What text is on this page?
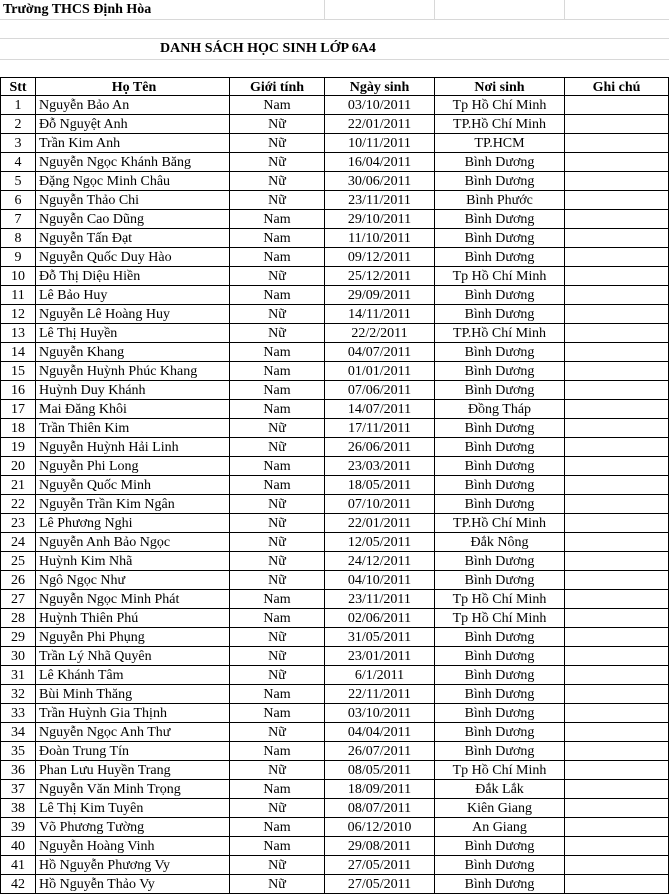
Trường THCS Định Hòa
DANH SÁCH HỌC SINH LỚP 6A4
Stt	Họ Tên	Giới tính	Ngày sinh	Nơi sinh	Ghi chú
1	Nguyễn Bảo An	Nam	03/10/2011	Tp Hồ Chí Minh
2	Đỗ Nguyệt Anh	Nữ	22/01/2011	TP.Hồ Chí Minh
3	Trần Kim Anh	Nữ	10/11/2011	TP.HCM
4	Nguyễn Ngọc Khánh Băng	Nữ	16/04/2011	Bình Dương
5	Đặng Ngọc Minh Châu	Nữ	30/06/2011	Bình Dương
6	Nguyễn Thảo Chi	Nữ	23/11/2011	Bình Phước
7	Nguyễn Cao Dũng	Nam	29/10/2011	Bình Dương
8	Nguyễn Tấn Đạt	Nam	11/10/2011	Bình Dương
9	Nguyễn Quốc Duy Hào	Nam	09/12/2011	Bình Dương
10	Đỗ Thị Diệu Hiền	Nữ	25/12/2011	Tp Hồ Chí Minh
11	Lê Bảo Huy	Nam	29/09/2011	Bình Dương
12	Nguyễn Lê Hoàng Huy	Nữ	14/11/2011	Bình Dương
13	Lê Thị Huyền	Nữ	22/2/2011	TP.Hồ Chí Minh
14	Nguyễn Khang	Nam	04/07/2011	Bình Dương
15	Nguyễn Huỳnh Phúc Khang	Nam	01/01/2011	Bình Dương
16	Huỳnh Duy Khánh	Nam	07/06/2011	Bình Dương
17	Mai Đăng Khôi	Nam	14/07/2011	Đồng Tháp
18	Trần Thiên Kim	Nữ	17/11/2011	Bình Dương
19	Nguyễn Huỳnh Hải Linh	Nữ	26/06/2011	Bình Dương
20	Nguyễn Phi Long	Nam	23/03/2011	Bình Dương
21	Nguyễn Quốc Minh	Nam	18/05/2011	Bình Dương
22	Nguyễn Trần Kim Ngân	Nữ	07/10/2011	Bình Dương
23	Lê Phương Nghi	Nữ	22/01/2011	TP.Hồ Chí Minh
24	Nguyễn Anh Bảo Ngọc	Nữ	12/05/2011	Đắk Nông
25	Huỳnh Kim Nhã	Nữ	24/12/2011	Bình Dương
26	Ngô Ngọc Như	Nữ	04/10/2011	Bình Dương
27	Nguyễn Ngọc Minh Phát	Nam	23/11/2011	Tp Hồ Chí Minh
28	Huỳnh Thiên Phú	Nam	02/06/2011	Tp Hồ Chí Minh
29	Nguyễn Phi Phụng	Nữ	31/05/2011	Bình Dương
30	Trần Lý Nhã Quyên	Nữ	23/01/2011	Bình Dương
31	Lê Khánh Tâm	Nữ	6/1/2011	Bình Dương
32	Bùi Minh Thăng	Nam	22/11/2011	Bình Dương
33	Trần Huỳnh Gia Thịnh	Nam	03/10/2011	Bình Dương
34	Nguyễn Ngọc Anh Thư	Nữ	04/04/2011	Bình Dương
35	Đoàn Trung Tín	Nam	26/07/2011	Bình Dương
36	Phan Lưu Huyền Trang	Nữ	08/05/2011	Tp Hồ Chí Minh
37	Nguyễn Văn Minh Trọng	Nam	18/09/2011	Đắk Lắk
38	Lê Thị Kim Tuyên	Nữ	08/07/2011	Kiên Giang
39	Võ Phương Tường	Nam	06/12/2010	An Giang
40	Nguyễn Hoàng Vinh	Nam	29/08/2011	Bình Dương
41	Hồ Nguyễn Phương Vy	Nữ	27/05/2011	Bình Dương
42	Hồ Nguyễn Thảo Vy	Nữ	27/05/2011	Bình Dương
